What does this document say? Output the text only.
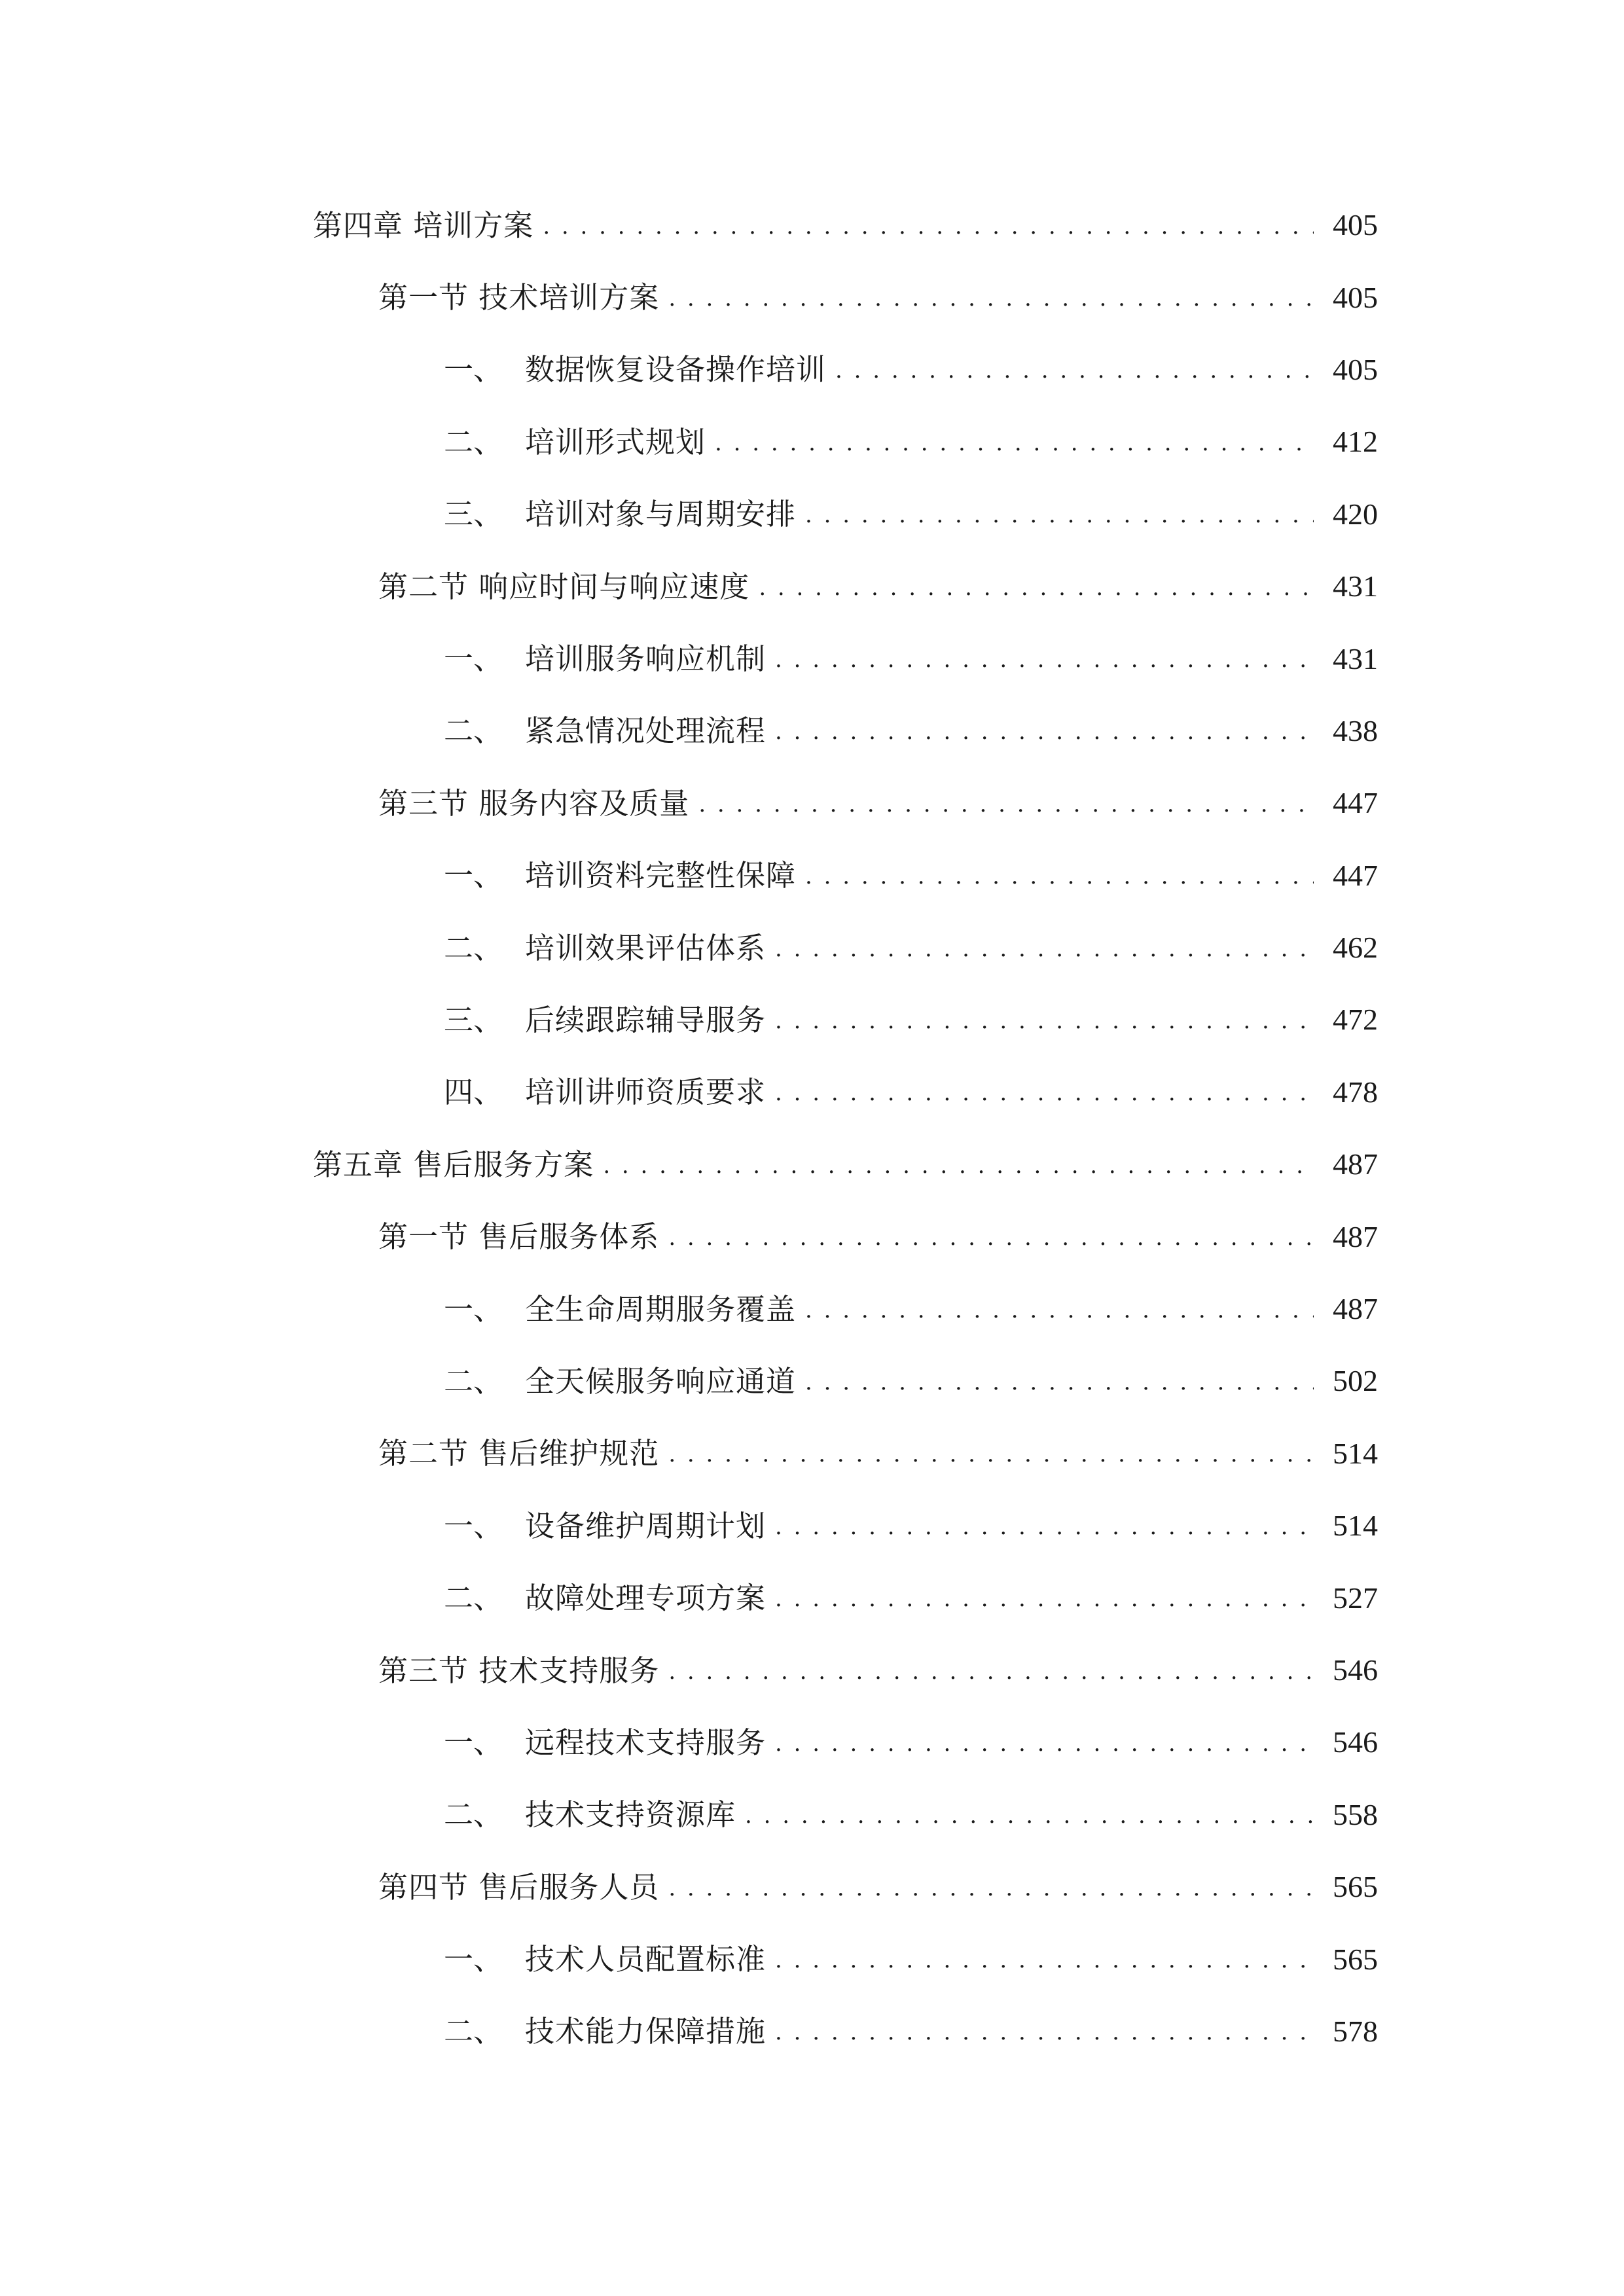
第四章 培训方案 . . .	405
第一节 技术培训方案 . . .	405
一、 数据恢复设备操作培训 . . .	405
二、 培训形式规划 . . .	412
三、 培训对象与周期安排 . . .	420
第二节 响应时间与响应速度 . . .	431
一、 培训服务响应机制 . . .	431
二、 紧急情况处理流程 . . .	438
第三节 服务内容及质量 . . .	447
一、 培训资料完整性保障 . . .	447
二、 培训效果评估体系 . . .	462
三、 后续跟踪辅导服务 . . .	472
四、 培训讲师资质要求 . . .	478
第五章 售后服务方案 . . .	487
第一节 售后服务体系 . . .	487
一、 全生命周期服务覆盖 . . .	487
二、 全天候服务响应通道 . . .	502
第二节 售后维护规范 . . .	514
一、 设备维护周期计划 . . .	514
二、 故障处理专项方案 . . .	527
第三节 技术支持服务 . . .	546
一、 远程技术支持服务 . . .	546
二、 技术支持资源库 . . .	558
第四节 售后服务人员 . . .	565
一、 技术人员配置标准 . . .	565
二、 技术能力保障措施 . . .	578
